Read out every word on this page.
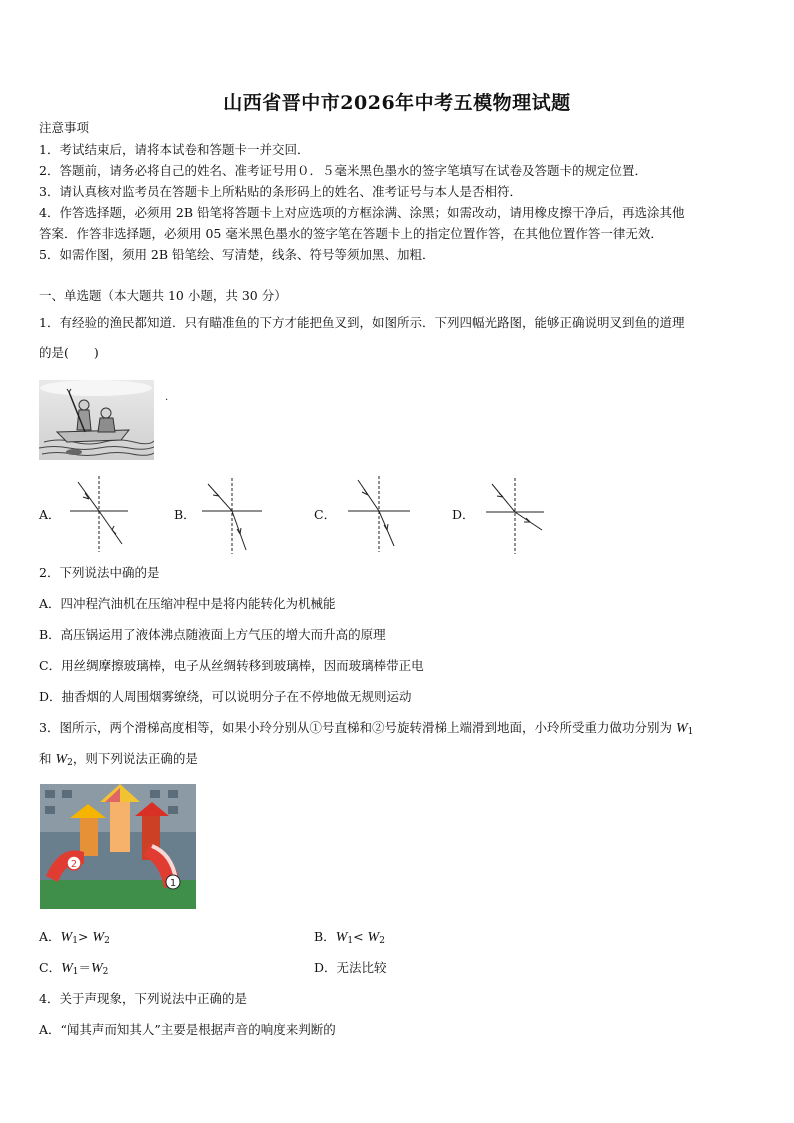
山西省晋中市2026年中考五模物理试题
注意事项
1．考试结束后，请将本试卷和答题卡一并交回．
2．答题前，请务必将自己的姓名、准考证号用０．５毫米黑色墨水的签字笔填写在试卷及答题卡的规定位置．
3．请认真核对监考员在答题卡上所粘贴的条形码上的姓名、准考证号与本人是否相符．
4．作答选择题，必须用 2B 铅笔将答题卡上对应选项的方框涂满、涂黑；如需改动，请用橡皮擦干净后，再选涂其他
答案．作答非选择题，必须用 05 毫米黑色墨水的签字笔在答题卡上的指定位置作答，在其他位置作答一律无效．
5．如需作图，须用 2B 铅笔绘、写清楚，线条、符号等须加黑、加粗．
一、单选题（本大题共 10 小题，共 30 分）
1．有经验的渔民都知道．只有瞄准鱼的下方才能把鱼叉到，如图所示．下列四幅光路图，能够正确说明叉到鱼的道理
的是(　　)
.
A．	B．	C．	D．
2．下列说法中确的是
A．四冲程汽油机在压缩冲程中是将内能转化为机械能
B．高压锅运用了液体沸点随液面上方气压的增大而升高的原理
C．用丝绸摩擦玻璃棒，电子从丝绸转移到玻璃棒，因而玻璃棒带正电
D．抽香烟的人周围烟雾缭绕，可以说明分子在不停地做无规则运动
3．图所示，两个滑梯高度相等，如果小玲分别从①号直梯和②号旋转滑梯上端滑到地面，小玲所受重力做功分别为 $W_1$
和 $W_2$，则下列说法正确的是
2
1
A．$W_1> W_2$	B．$W_1< W_2$
C．$W_1=W_2$	D．无法比较
4．关于声现象，下列说法中正确的是
A．“闻其声而知其人”主要是根据声音的响度来判断的
